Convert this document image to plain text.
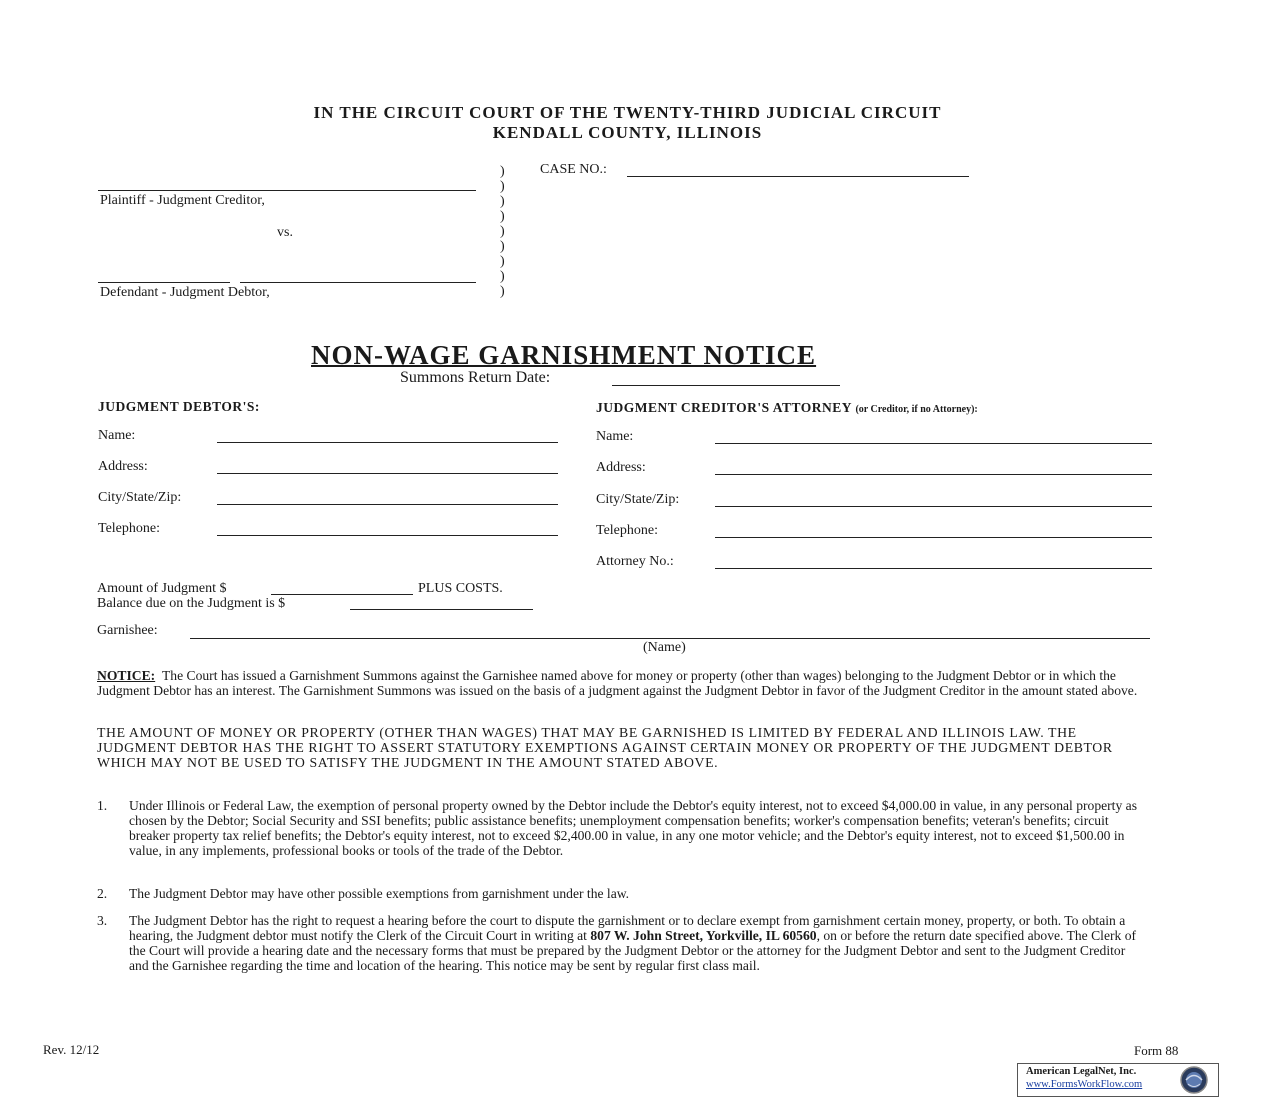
IN THE CIRCUIT COURT OF THE TWENTY-THIRD JUDICIAL CIRCUIT
KENDALL COUNTY, ILLINOIS
Plaintiff - Judgment Creditor,
vs.
Defendant - Judgment Debtor,
)
)
)
)
)
)
)
)
)
CASE NO.:
NON-WAGE GARNISHMENT NOTICE
Summons Return Date:
JUDGMENT DEBTOR'S:
Name:
Address:
City/State/Zip:
Telephone:
JUDGMENT CREDITOR'S ATTORNEY (or Creditor, if no Attorney):
Name:
Address:
City/State/Zip:
Telephone:
Attorney No.:
Amount of Judgment $	PLUS COSTS.
Balance due on the Judgment is $
Garnishee:
(Name)
NOTICE: The Court has issued a Garnishment Summons against the Garnishee named above for money or property (other than wages) belonging to the Judgment Debtor or in which the Judgment Debtor has an interest. The Garnishment Summons was issued on the basis of a judgment against the Judgment Debtor in favor of the Judgment Creditor in the amount stated above.
THE AMOUNT OF MONEY OR PROPERTY (OTHER THAN WAGES) THAT MAY BE GARNISHED IS LIMITED BY FEDERAL AND ILLINOIS LAW. THE JUDGMENT DEBTOR HAS THE RIGHT TO ASSERT STATUTORY EXEMPTIONS AGAINST CERTAIN MONEY OR PROPERTY OF THE JUDGMENT DEBTOR WHICH MAY NOT BE USED TO SATISFY THE JUDGMENT IN THE AMOUNT STATED ABOVE.
1. Under Illinois or Federal Law, the exemption of personal property owned by the Debtor include the Debtor's equity interest, not to exceed $4,000.00 in value, in any personal property as chosen by the Debtor; Social Security and SSI benefits; public assistance benefits; unemployment compensation benefits; worker's compensation benefits; veteran's benefits; circuit breaker property tax relief benefits; the Debtor's equity interest, not to exceed $2,400.00 in value, in any one motor vehicle; and the Debtor's equity interest, not to exceed $1,500.00 in value, in any implements, professional books or tools of the trade of the Debtor.
2. The Judgment Debtor may have other possible exemptions from garnishment under the law.
3. The Judgment Debtor has the right to request a hearing before the court to dispute the garnishment or to declare exempt from garnishment certain money, property, or both. To obtain a hearing, the Judgment debtor must notify the Clerk of the Circuit Court in writing at 807 W. John Street, Yorkville, IL 60560, on or before the return date specified above. The Clerk of the Court will provide a hearing date and the necessary forms that must be prepared by the Judgment Debtor or the attorney for the Judgment Debtor and sent to the Judgment Creditor and the Garnishee regarding the time and location of the hearing. This notice may be sent by regular first class mail.
Rev. 12/12	Form 88
American LegalNet, Inc.
www.FormsWorkFlow.com
